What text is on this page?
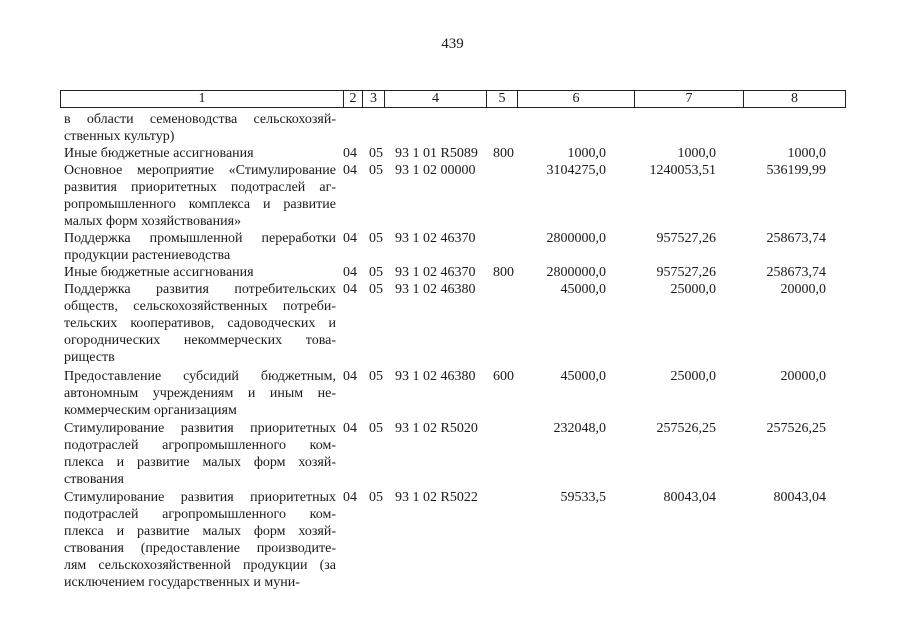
439
1	2 3	4	5	6	7	8
в области семеноводства сельскохозяй-
ственных культур)
Иные бюджетные ассигнования	04 05 93 1 01 R5089 800	1000,0	1000,0	1000,0
Основное мероприятие «Стимулирование
развития приоритетных подотраслей аг-
ропромышленного комплекса и развитие
малых форм хозяйствования»
04 05 93 1 02 00000	3104275,0	1240053,51	536199,99
Поддержка промышленной переработки
продукции растениеводства
04 05 93 1 02 46370	2800000,0	957527,26	258673,74
Иные бюджетные ассигнования	04 05 93 1 02 46370 800	2800000,0	957527,26	258673,74
Поддержка развития потребительских
обществ, сельскохозяйственных потреби-
тельских кооперативов, садоводческих и
огороднических некоммерческих това-
риществ
04 05 93 1 02 46380	45000,0	25000,0	20000,0
Предоставление субсидий бюджетным,
автономным учреждениям и иным не-
коммерческим организациям
04 05 93 1 02 46380 600	45000,0	25000,0	20000,0
Стимулирование развития приоритетных
подотраслей агропромышленного ком-
плекса и развитие малых форм хозяй-
ствования
04 05 93 1 02 R5020	232048,0	257526,25	257526,25
Стимулирование развития приоритетных
подотраслей агропромышленного ком-
плекса и развитие малых форм хозяй-
ствования (предоставление производите-
лям сельскохозяйственной продукции (за
исключением государственных и муни-
04 05 93 1 02 R5022	59533,5	80043,04	80043,04
